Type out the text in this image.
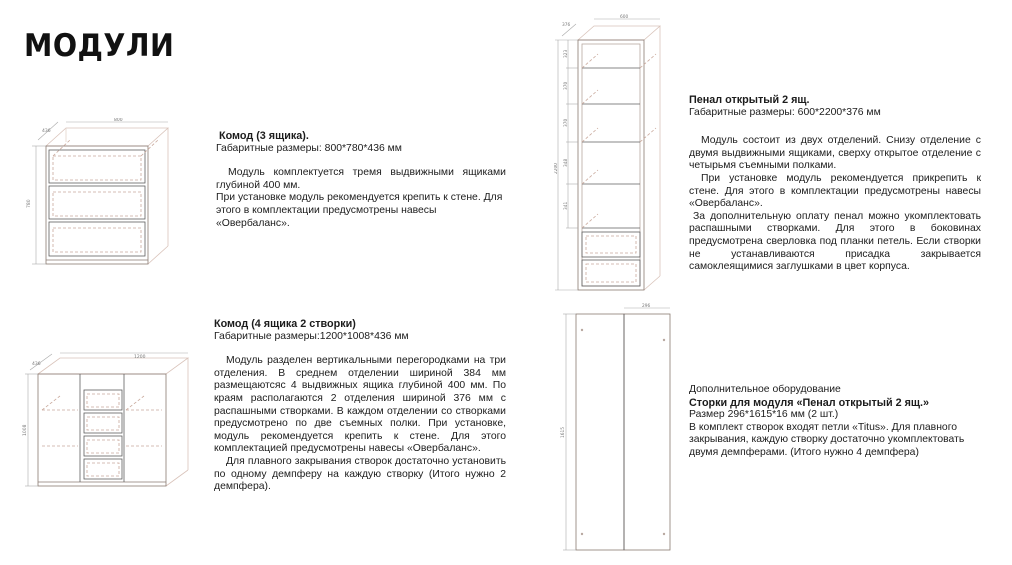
МОДУЛИ
800
436
780

Комод (3 ящика).

Габаритные размеры: 800*780*436 мм

Модуль комплектуется тремя выдвижными ящиками глубиной 400 мм.

При установке модуль рекомендуется крепить к стене. Для этого в комплектации предусмотрены навесы «Овербаланс».

1200
436
1008

Комод (4 ящика 2 створки)

Габаритные размеры:1200*1008*436 мм

Модуль разделен вертикальными перегородками на три отделения. В среднем отделении шириной 384 мм размещаютсяс 4 выдвижных ящика глубиной 400 мм. По краям располагаются 2 отделения шириной 376 мм с распашными створками. В каждом отделении со створками предусмотрено по две съемных полки. При установке, модуль рекомендуется крепить к стене. Для этого комплектацией предусмотрены навесы «Овербаланс».

Для плавного закрывания створок достаточно установить по одному демпферу на каждую створку (Итого нужно 2 демпфера).

600
376
2200
323
370
370
348
341

Пенал открытый 2 ящ.

Габаритные размеры: 600*2200*376 мм

Модуль состоит из двух отделений. Снизу отделение с двумя выдвижными ящиками, сверху открытое отделение с четырьмя съемными полками.

При установке модуль рекомендуется прикрепить к стене. Для этого в комплектации предусмотрены навесы «Овербаланс».

За дополнительную оплату пенал можно укомплектовать распашными створками. Для этого в боковинах предусмотрена сверловка под планки петель. Если створки не устанавливаются присадка закрывается самоклеящимися заглушками в цвет корпуса.

296
1615

Дополнительное оборудование

Сторки для модуля «Пенал открытый 2 ящ.»

Размер 296*1615*16 мм (2 шт.)

В комплект створок входят петли «Titus». Для плавного закрывания, каждую створку достаточно укомплектовать двумя демпферами. (Итого нужно 4 демпфера)
